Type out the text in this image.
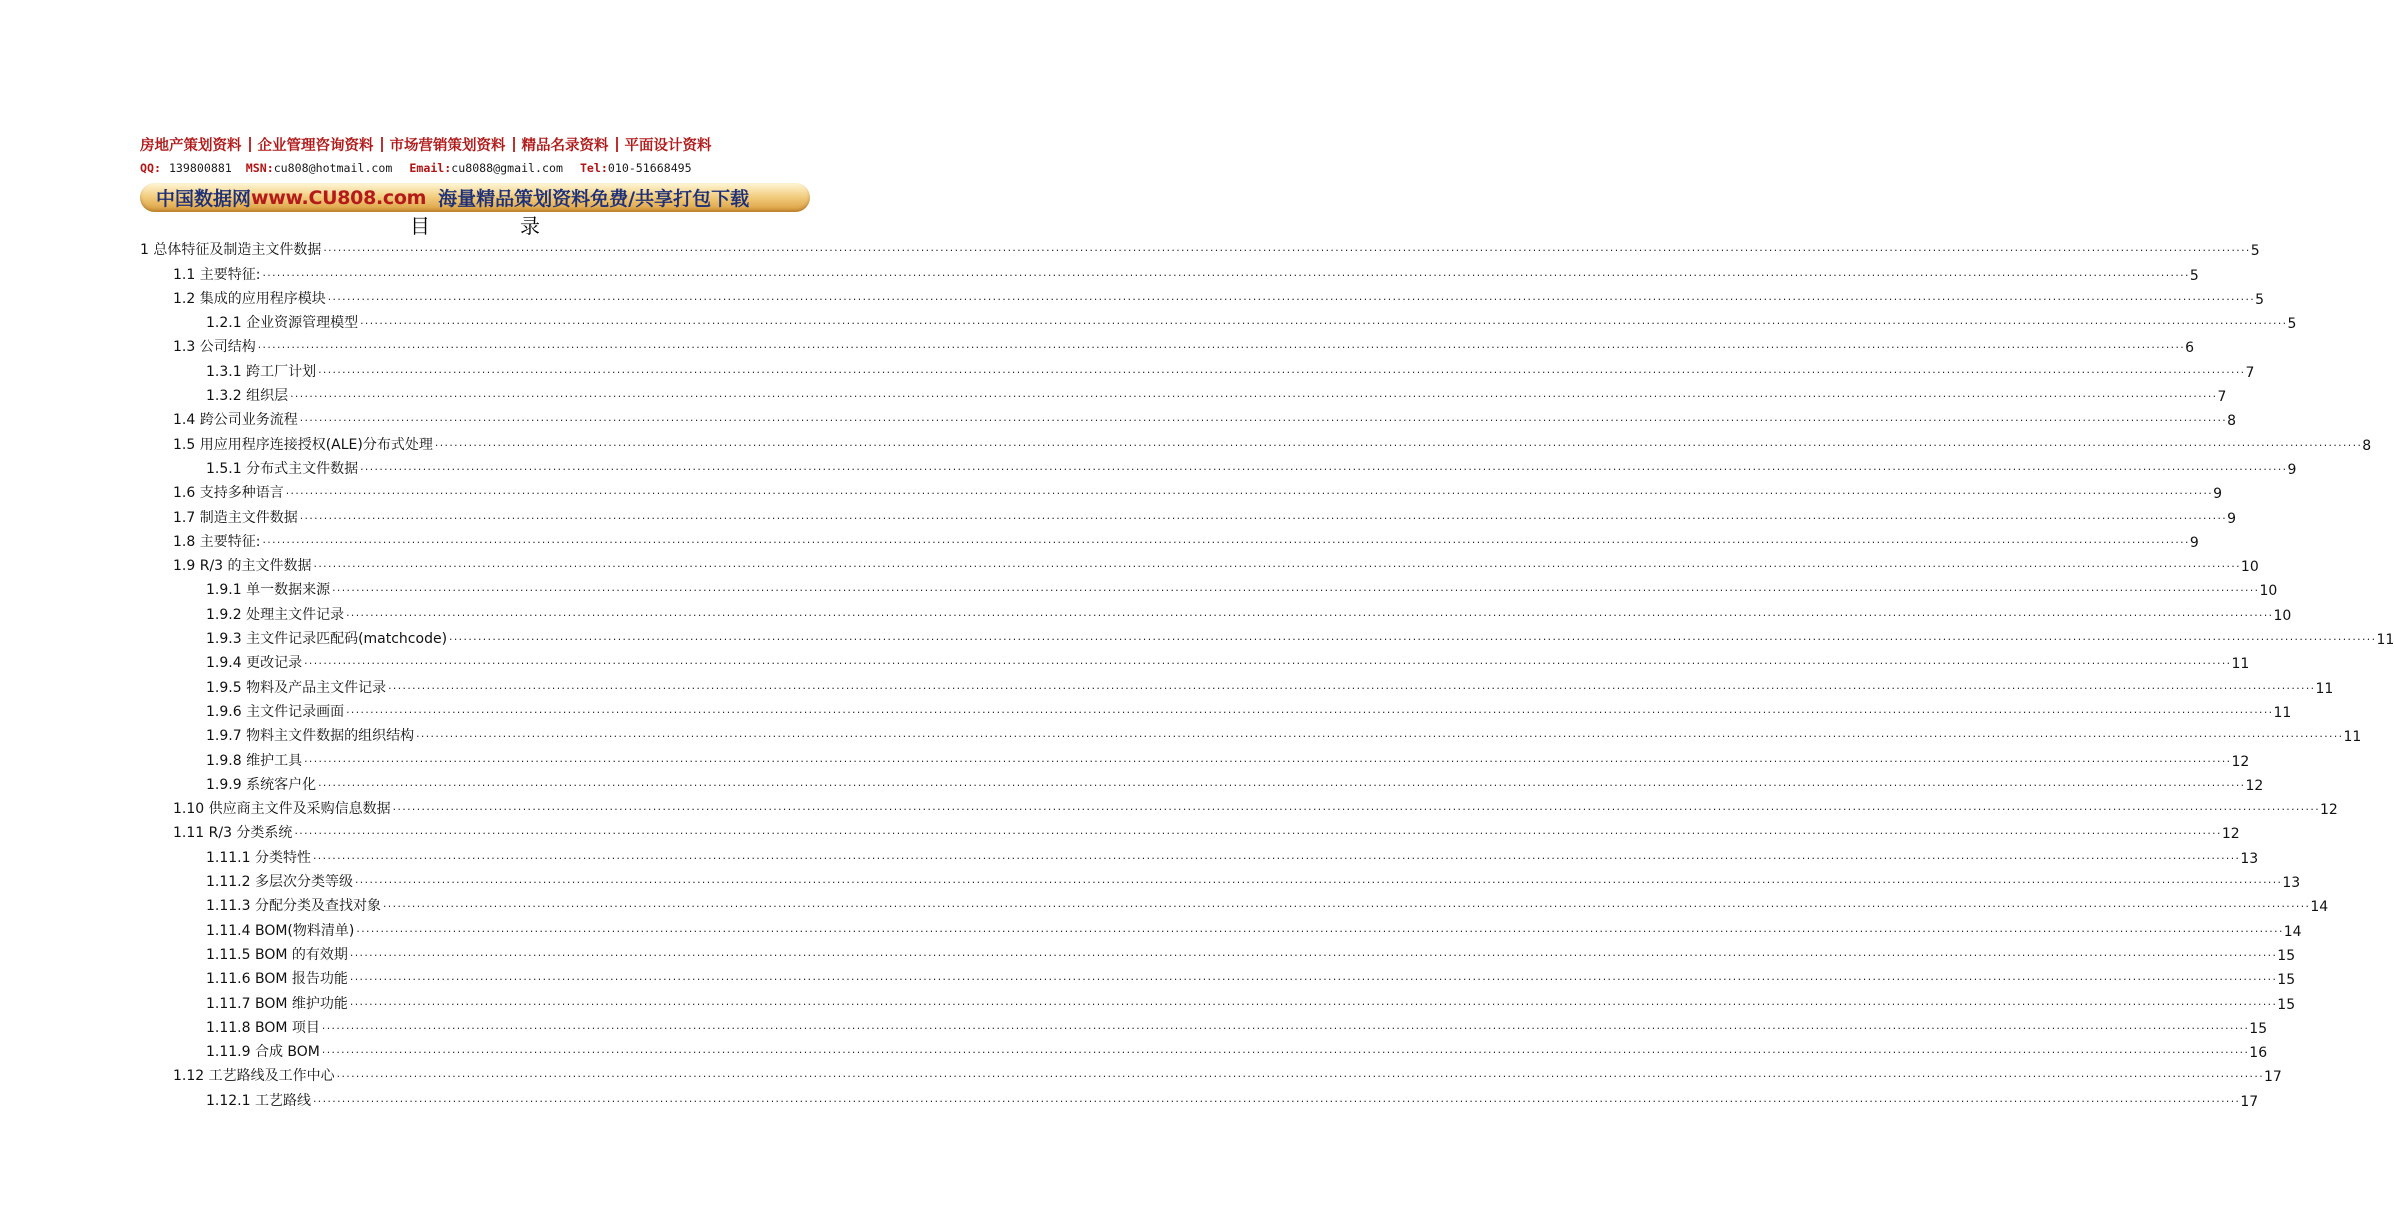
房地产策划资料 企业管理咨询资料 市场营销策划资料 精品名录资料 平面设计资料
QQ: 139800881 MSN: cu808@hotmail.com Email: cu8088@gmail.com Tel: 010-51668495
中国数据网 www.CU808.com 海量精品策划资料免费/共享打包下载
目录
1 总体特征及制造主文件数据 ................................................................................................................................................................................................................................................................................................................................................................................................................ 5
1.1 主要特征: ................................................................................................................................................................................................................................................................................................................................................................................................................ 5
1.2 集成的应用程序模块 ................................................................................................................................................................................................................................................................................................................................................................................................................ 5
1.2.1 企业资源管理模型 ................................................................................................................................................................................................................................................................................................................................................................................................................ 5
1.3 公司结构 ................................................................................................................................................................................................................................................................................................................................................................................................................ 6
1.3.1 跨工厂计划 ................................................................................................................................................................................................................................................................................................................................................................................................................ 7
1.3.2 组织层 ................................................................................................................................................................................................................................................................................................................................................................................................................ 7
1.4 跨公司业务流程 ................................................................................................................................................................................................................................................................................................................................................................................................................ 8
1.5 用应用程序连接授权(ALE)分布式处理 ................................................................................................................................................................................................................................................................................................................................................................................................................ 8
1.5.1 分布式主文件数据 ................................................................................................................................................................................................................................................................................................................................................................................................................ 9
1.6 支持多种语言 ................................................................................................................................................................................................................................................................................................................................................................................................................ 9
1.7 制造主文件数据 ................................................................................................................................................................................................................................................................................................................................................................................................................ 9
1.8 主要特征: ................................................................................................................................................................................................................................................................................................................................................................................................................ 9
1.9 R/3 的主文件数据 ................................................................................................................................................................................................................................................................................................................................................................................................................ 10
1.9.1 单一数据来源 ................................................................................................................................................................................................................................................................................................................................................................................................................ 10
1.9.2 处理主文件记录 ................................................................................................................................................................................................................................................................................................................................................................................................................ 10
1.9.3 主文件记录匹配码(matchcode) ................................................................................................................................................................................................................................................................................................................................................................................................................ 11
1.9.4 更改记录 ................................................................................................................................................................................................................................................................................................................................................................................................................ 11
1.9.5 物料及产品主文件记录 ................................................................................................................................................................................................................................................................................................................................................................................................................ 11
1.9.6 主文件记录画面 ................................................................................................................................................................................................................................................................................................................................................................................................................ 11
1.9.7 物料主文件数据的组织结构 ................................................................................................................................................................................................................................................................................................................................................................................................................ 11
1.9.8 维护工具 ................................................................................................................................................................................................................................................................................................................................................................................................................ 12
1.9.9 系统客户化 ................................................................................................................................................................................................................................................................................................................................................................................................................ 12
1.10 供应商主文件及采购信息数据 ................................................................................................................................................................................................................................................................................................................................................................................................................ 12
1.11 R/3 分类系统 ................................................................................................................................................................................................................................................................................................................................................................................................................ 12
1.11.1 分类特性 ................................................................................................................................................................................................................................................................................................................................................................................................................ 13
1.11.2 多层次分类等级 ................................................................................................................................................................................................................................................................................................................................................................................................................ 13
1.11.3 分配分类及查找对象 ................................................................................................................................................................................................................................................................................................................................................................................................................ 14
1.11.4 BOM(物料清单) ................................................................................................................................................................................................................................................................................................................................................................................................................ 14
1.11.5 BOM 的有效期 ................................................................................................................................................................................................................................................................................................................................................................................................................ 15
1.11.6 BOM 报告功能 ................................................................................................................................................................................................................................................................................................................................................................................................................ 15
1.11.7 BOM 维护功能 ................................................................................................................................................................................................................................................................................................................................................................................................................ 15
1.11.8 BOM 项目 ................................................................................................................................................................................................................................................................................................................................................................................................................ 15
1.11.9 合成 BOM ................................................................................................................................................................................................................................................................................................................................................................................................................ 16
1.12 工艺路线及工作中心 ................................................................................................................................................................................................................................................................................................................................................................................................................ 17
1.12.1 工艺路线 ................................................................................................................................................................................................................................................................................................................................................................................................................ 17
